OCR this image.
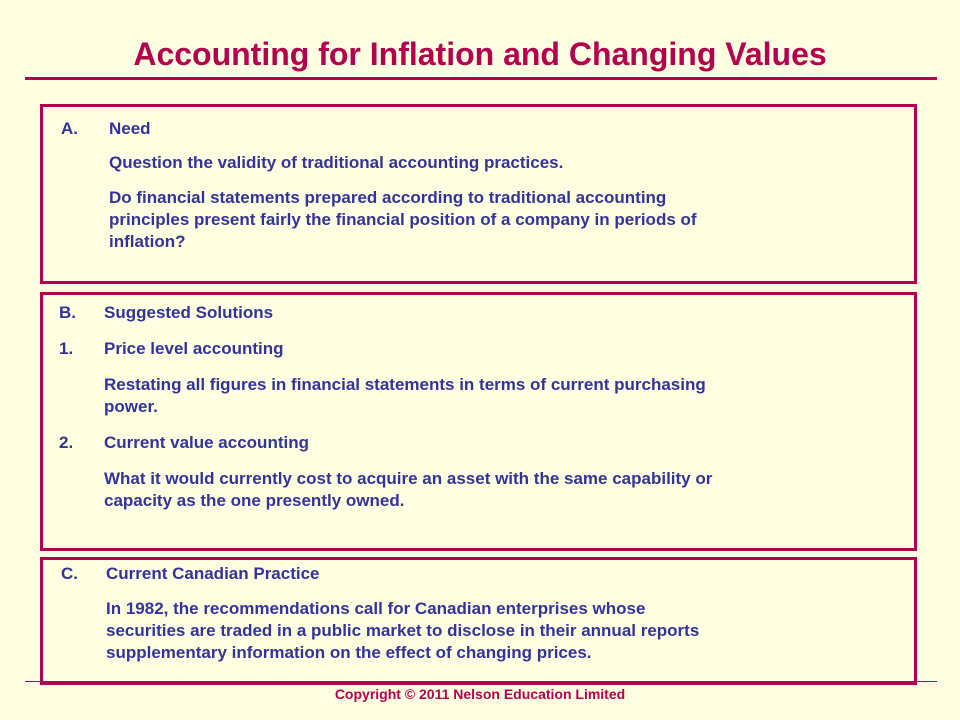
Accounting for Inflation and Changing Values
A. Need
Question the validity of traditional accounting practices.
Do financial statements prepared according to traditional accounting
principles present fairly the financial position of a company in periods of
inflation?
B. Suggested Solutions
1. Price level accounting
Restating all figures in financial statements in terms of current purchasing
power.
2. Current value accounting
What it would currently cost to acquire an asset with the same capability or
capacity as the one presently owned.
C. Current Canadian Practice
In 1982, the recommendations call for Canadian enterprises whose
securities are traded in a public market to disclose in their annual reports
supplementary information on the effect of changing prices.
Copyright © 2011 Nelson Education Limited
